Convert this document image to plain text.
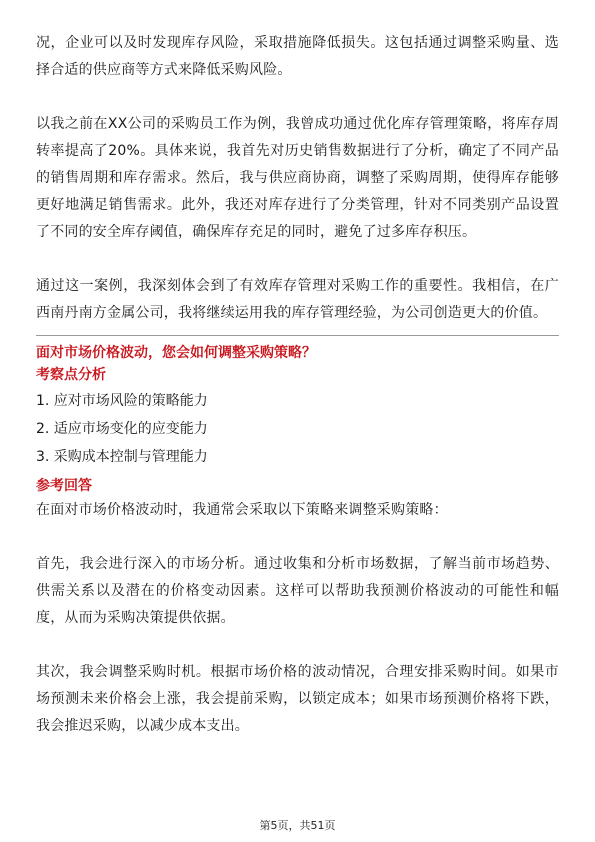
况，企业可以及时发现库存风险，采取措施降低损失。这包括通过调整采购量、选择合适的供应商等方式来降低采购风险。

以我之前在XX公司的采购员工作为例，我曾成功通过优化库存管理策略，将库存周转率提高了20%。具体来说，我首先对历史销售数据进行了分析，确定了不同产品的销售周期和库存需求。然后，我与供应商协商，调整了采购周期，使得库存能够更好地满足销售需求。此外，我还对库存进行了分类管理，针对不同类别产品设置了不同的安全库存阈值，确保库存充足的同时，避免了过多库存积压。

通过这一案例，我深刻体会到了有效库存管理对采购工作的重要性。我相信，在广西南丹南方金属公司，我将继续运用我的库存管理经验，为公司创造更大的价值。

面对市场价格波动，您会如何调整采购策略？

考察点分析

1. 应对市场风险的策略能力

2. 适应市场变化的应变能力

3. 采购成本控制与管理能力

参考回答

在面对市场价格波动时，我通常会采取以下策略来调整采购策略：

首先，我会进行深入的市场分析。通过收集和分析市场数据，了解当前市场趋势、供需关系以及潜在的价格变动因素。这样可以帮助我预测价格波动的可能性和幅度，从而为采购决策提供依据。

其次，我会调整采购时机。根据市场价格的波动情况，合理安排采购时间。如果市场预测未来价格会上涨，我会提前采购，以锁定成本；如果市场预测价格将下跌，我会推迟采购，以减少成本支出。

第5页，共51页
